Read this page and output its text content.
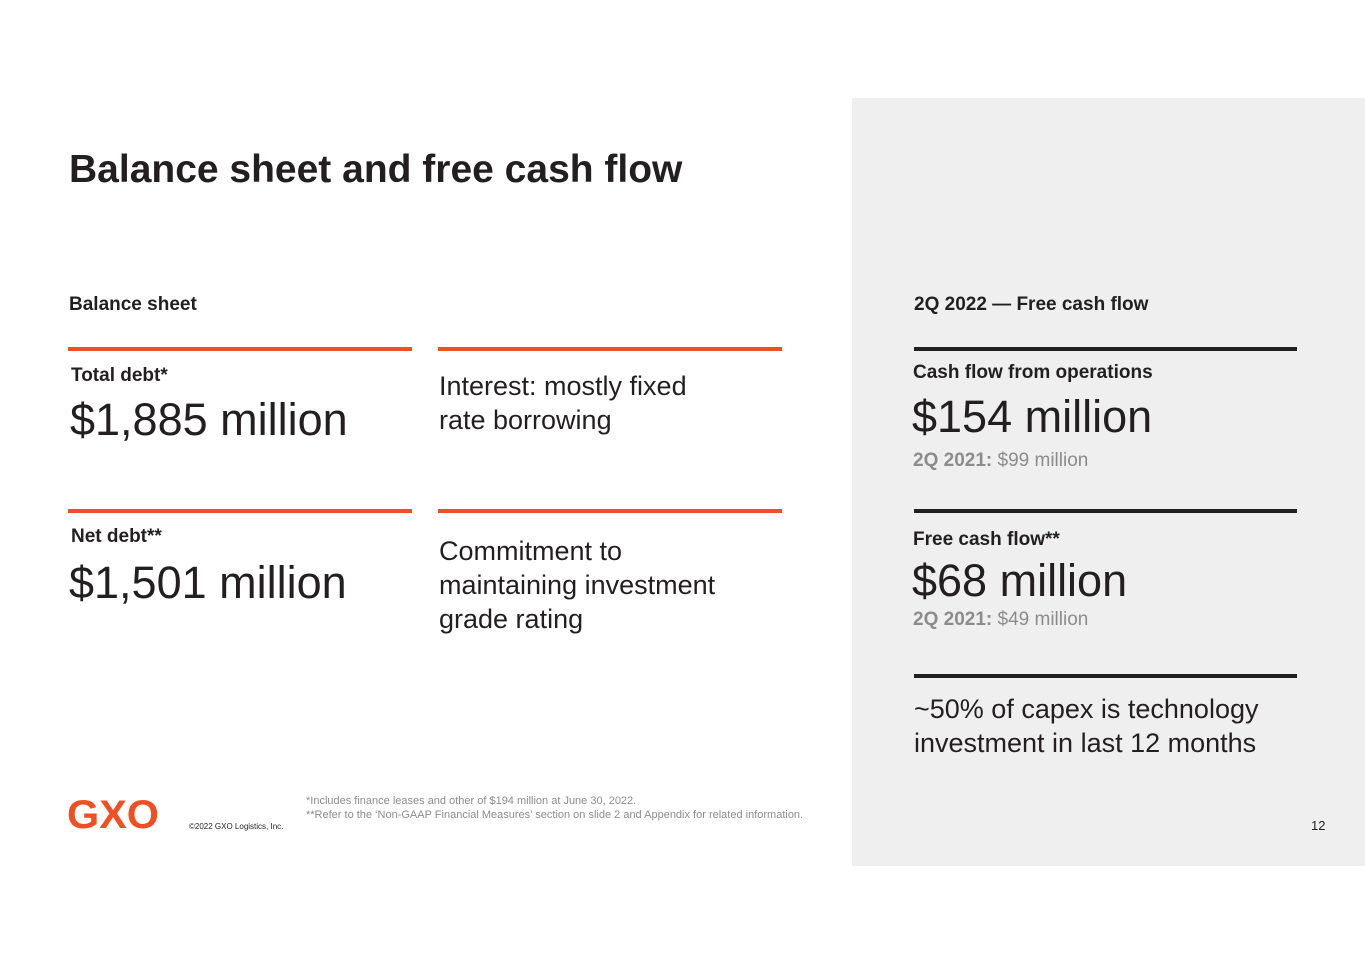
Balance sheet and free cash flow
Balance sheet
Total debt*
$1,885 million
Interest: mostly fixed
rate borrowing
Net debt**
$1,501 million
Commitment to
maintaining investment
grade rating
2Q 2022 — Free cash flow
Cash flow from operations
$154 million
2Q 2021: $99 million
Free cash flow**
$68 million
2Q 2021: $49 million
~50% of capex is technology
investment in last 12 months
GXO	©2022 GXO Logistics, Inc.
*Includes finance leases and other of $194 million at June 30, 2022.
**Refer to the ‘Non-GAAP Financial Measures’ section on slide 2 and Appendix for related information.
12
